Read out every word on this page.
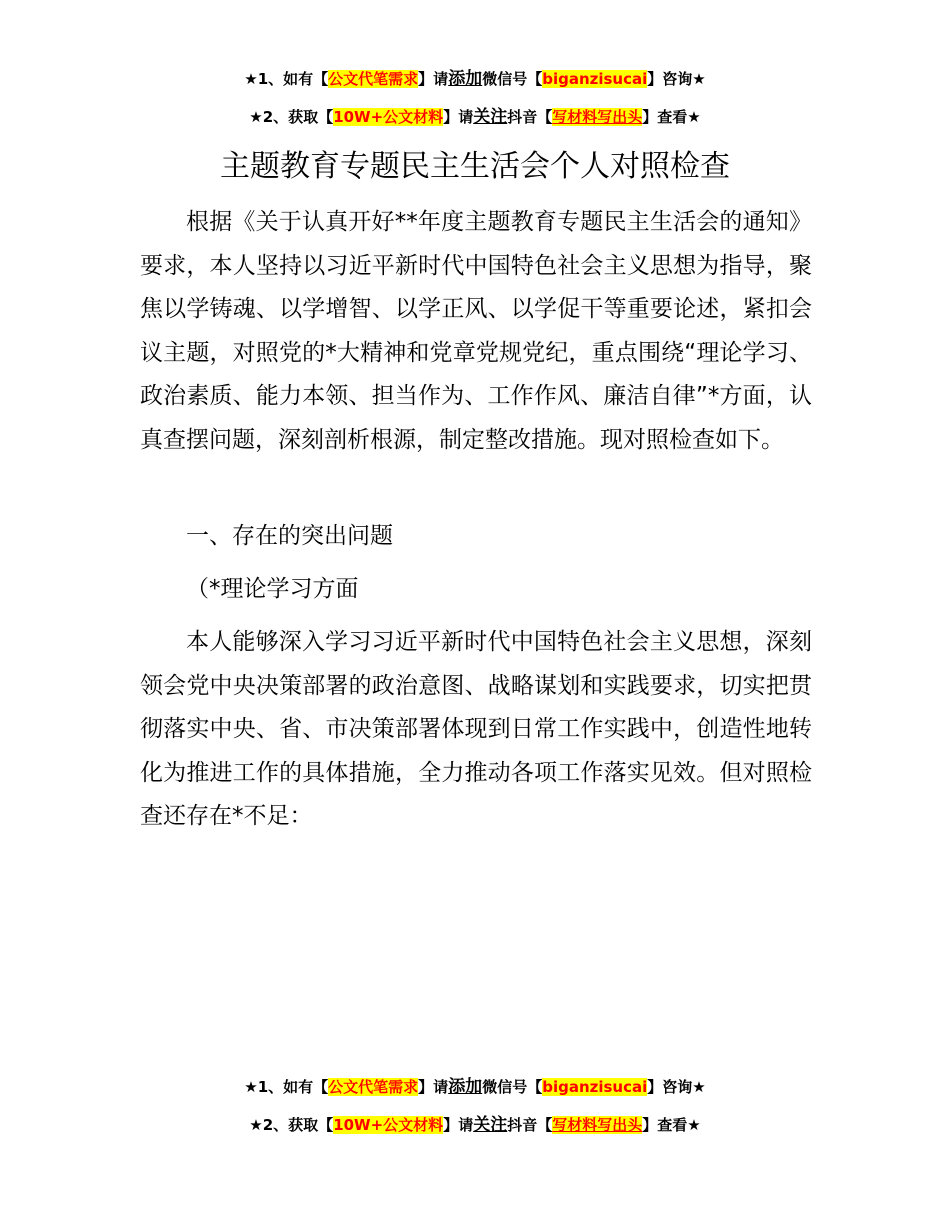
★1、如有【公文代笔需求】请添加微信号【biganzisucai】咨询★
★2、获取【10W+公文材料】请关注抖音【写材料写出头】查看★
主题教育专题民主生活会个人对照检查

根据《关于认真开好**年度主题教育专题民主生活会的通知》要求，本人坚持以习近平新时代中国特色社会主义思想为指导，聚焦以学铸魂、以学增智、以学正风、以学促干等重要论述，紧扣会议主题，对照党的*大精神和党章党规党纪，重点围绕“理论学习、政治素质、能力本领、担当作为、工作作风、廉洁自律”*方面，认真查摆问题，深刻剖析根源，制定整改措施。现对照检查如下。

一、存在的突出问题

（*理论学习方面

本人能够深入学习习近平新时代中国特色社会主义思想，深刻领会党中央决策部署的政治意图、战略谋划和实践要求，切实把贯彻落实中央、省、市决策部署体现到日常工作实践中，创造性地转化为推进工作的具体措施，全力推动各项工作落实见效。但对照检查还存在*不足：

★1、如有【公文代笔需求】请添加微信号【biganzisucai】咨询★
★2、获取【10W+公文材料】请关注抖音【写材料写出头】查看★
